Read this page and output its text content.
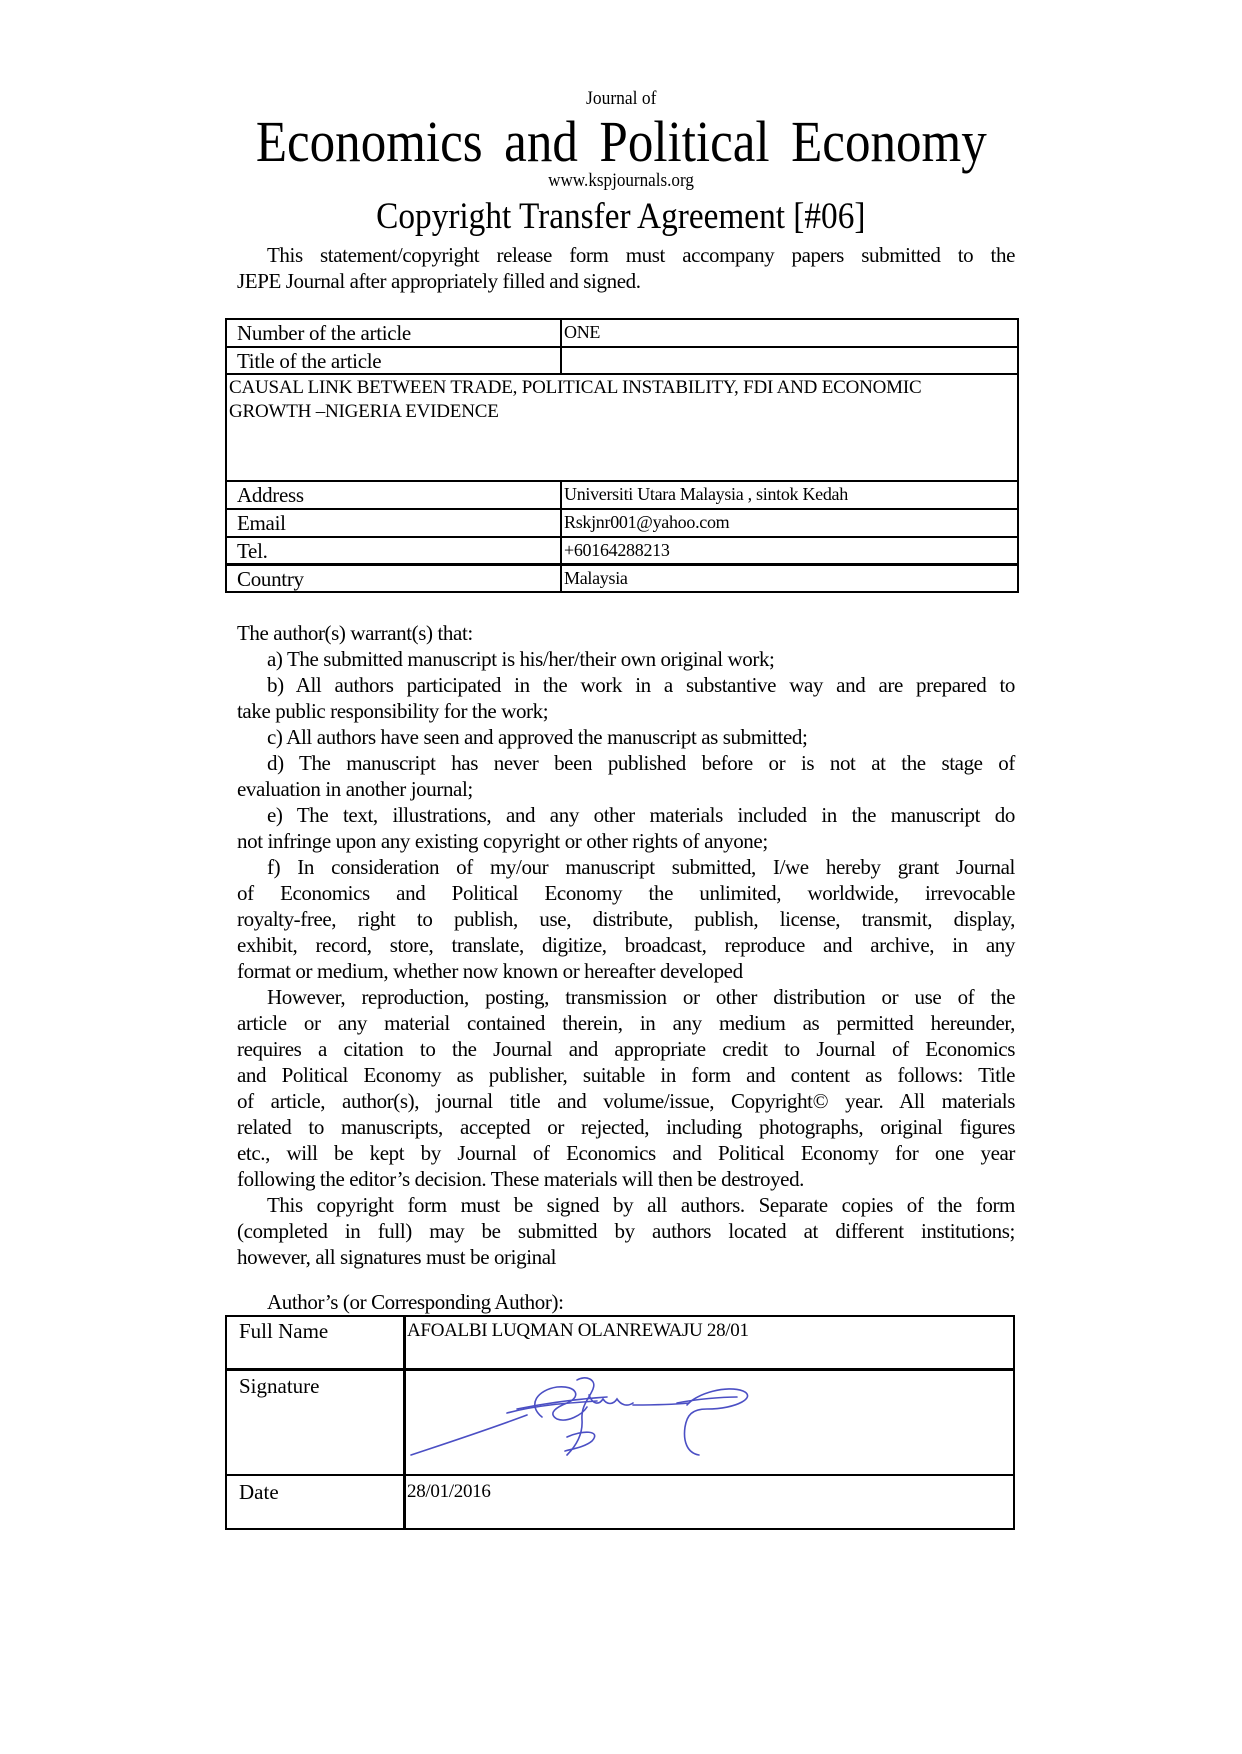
Journal of
Economics and Political Economy
www.kspjournals.org
Copyright Transfer Agreement [#06]
This statement/copyright release form must accompany papers submitted to the
JEPE Journal after appropriately filled and signed.
Number of the article	ONE
Title of the article
CAUSAL LINK BETWEEN TRADE, POLITICAL INSTABILITY, FDI AND ECONOMIC
GROWTH –NIGERIA EVIDENCE
Address	Universiti Utara Malaysia , sintok Kedah
Email	Rskjnr001@yahoo.com
Tel.	+60164288213
Country	Malaysia
The author(s) warrant(s) that:
a) The submitted manuscript is his/her/their own original work;
b) All authors participated in the work in a substantive way and are prepared to
take public responsibility for the work;
c) All authors have seen and approved the manuscript as submitted;
d) The manuscript has never been published before or is not at the stage of
evaluation in another journal;
e) The text, illustrations, and any other materials included in the manuscript do
not infringe upon any existing copyright or other rights of anyone;
f) In consideration of my/our manuscript submitted, I/we hereby grant Journal
of Economics and Political Economy the unlimited, worldwide, irrevocable
royalty-free, right to publish, use, distribute, publish, license, transmit, display,
exhibit, record, store, translate, digitize, broadcast, reproduce and archive, in any
format or medium, whether now known or hereafter developed
However, reproduction, posting, transmission or other distribution or use of the
article or any material contained therein, in any medium as permitted hereunder,
requires a citation to the Journal and appropriate credit to Journal of Economics
and Political Economy as publisher, suitable in form and content as follows: Title
of article, author(s), journal title and volume/issue, Copyright© year. All materials
related to manuscripts, accepted or rejected, including photographs, original figures
etc., will be kept by Journal of Economics and Political Economy for one year
following the editor’s decision. These materials will then be destroyed.
This copyright form must be signed by all authors. Separate copies of the form
(completed in full) may be submitted by authors located at different institutions;
however, all signatures must be original
Author’s (or Corresponding Author):
Full Name	AFOALBI LUQMAN OLANREWAJU 28/01
Signature
Date	28/01/2016
